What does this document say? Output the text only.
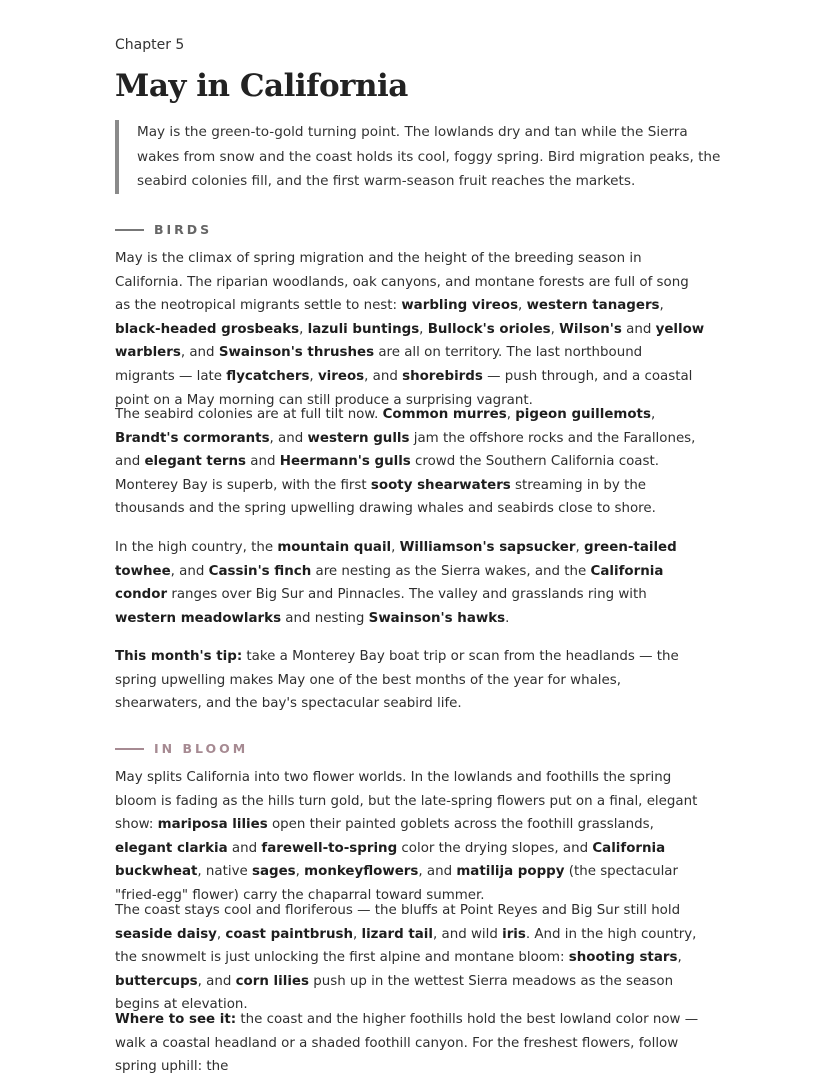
Chapter 5
May in California
May is the green-to-gold turning point. The lowlands dry and tan while the Sierra wakes from snow and the coast holds its cool, foggy spring. Bird migration peaks, the seabird colonies fill, and the first warm-season fruit reaches the markets.
BIRDS

May is the climax of spring migration and the height of the breeding season in California. The riparian woodlands, oak canyons, and montane forests are full of song as the neotropical migrants settle to nest: warbling vireos, western tanagers, black-headed grosbeaks, lazuli buntings, Bullock's orioles, Wilson's and yellow warblers, and Swainson's thrushes are all on territory. The last northbound migrants — late flycatchers, vireos, and shorebirds — push through, and a coastal point on a May morning can still produce a surprising vagrant.

The seabird colonies are at full tilt now. Common murres, pigeon guillemots, Brandt's cormorants, and western gulls jam the offshore rocks and the Farallones, and elegant terns and Heermann's gulls crowd the Southern California coast. Monterey Bay is superb, with the first sooty shearwaters streaming in by the thousands and the spring upwelling drawing whales and seabirds close to shore.

In the high country, the mountain quail, Williamson's sapsucker, green-tailed towhee, and Cassin's finch are nesting as the Sierra wakes, and the California condor ranges over Big Sur and Pinnacles. The valley and grasslands ring with western meadowlarks and nesting Swainson's hawks.

This month's tip: take a Monterey Bay boat trip or scan from the headlands — the spring upwelling makes May one of the best months of the year for whales, shearwaters, and the bay's spectacular seabird life.

IN BLOOM

May splits California into two flower worlds. In the lowlands and foothills the spring bloom is fading as the hills turn gold, but the late-spring flowers put on a final, elegant show: mariposa lilies open their painted goblets across the foothill grasslands, elegant clarkia and farewell-to-spring color the drying slopes, and California buckwheat, native sages, monkeyflowers, and matilija poppy (the spectacular "fried-egg" flower) carry the chaparral toward summer.

The coast stays cool and floriferous — the bluffs at Point Reyes and Big Sur still hold seaside daisy, coast paintbrush, lizard tail, and wild iris. And in the high country, the snowmelt is just unlocking the first alpine and montane bloom: shooting stars, buttercups, and corn lilies push up in the wettest Sierra meadows as the season begins at elevation.

Where to see it: the coast and the higher foothills hold the best lowland color now — walk a coastal headland or a shaded foothill canyon. For the freshest flowers, follow spring uphill: the
